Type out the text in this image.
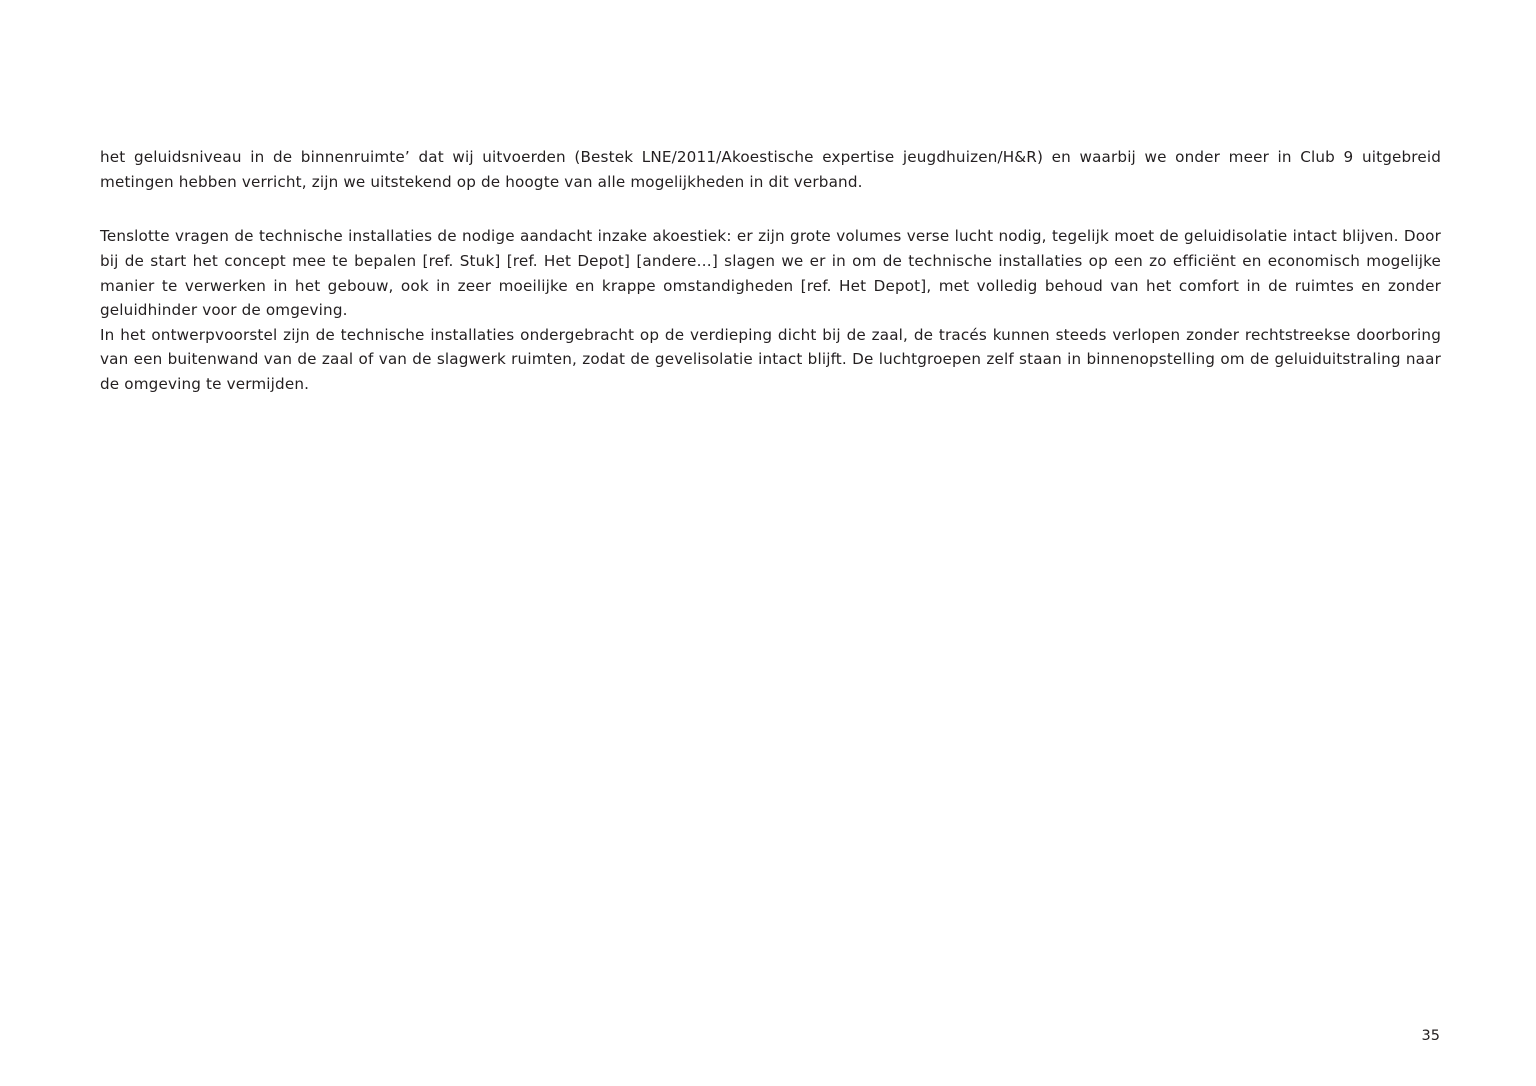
het geluidsniveau in de binnenruimte’ dat wij uitvoerden (Bestek LNE/2011/Akoestische expertise jeugdhuizen/H&R) en waarbij we onder meer in Club 9 uitgebreid metingen hebben verricht, zijn we uitstekend op de hoogte van alle mogelijkheden in dit verband.

Tenslotte vragen de technische installaties de nodige aandacht inzake akoestiek: er zijn grote volumes verse lucht nodig, tegelijk moet de geluidisolatie intact blijven. Door bij de start het concept mee te bepalen [ref. Stuk] [ref. Het Depot] [andere…] slagen we er in om de technische installaties op een zo efficiënt en economisch mogelijke manier te verwerken in het gebouw, ook in zeer moeilijke en krappe omstandigheden [ref. Het Depot], met volledig behoud van het comfort in de ruimtes en zonder geluidhinder voor de omgeving.

In het ontwerpvoorstel zijn de technische installaties ondergebracht op de verdieping dicht bij de zaal, de tracés kunnen steeds verlopen zonder rechtstreekse doorboring van een buitenwand van de zaal of van de slagwerk ruimten, zodat de gevelisolatie intact blijft. De luchtgroepen zelf staan in binnenopstelling om de geluiduitstraling naar de omgeving te vermijden.

35
